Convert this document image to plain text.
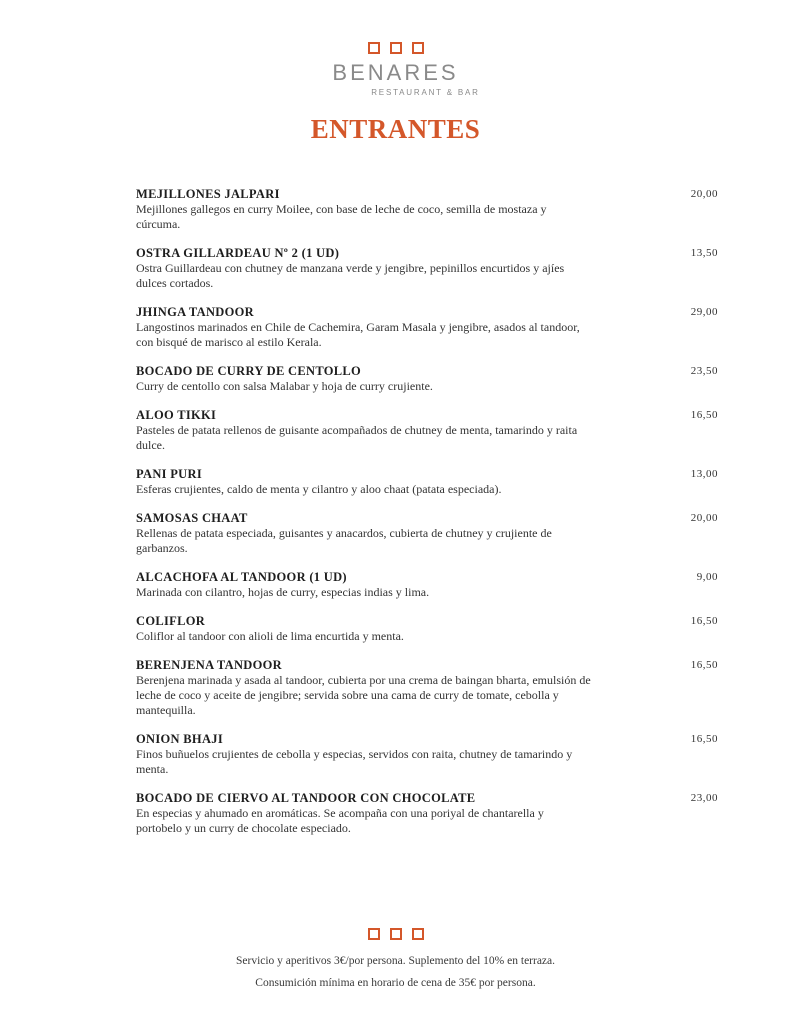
BENARES
RESTAURANT & BAR
ENTRANTES
MEJILLONES JALPARI
Mejillones gallegos en curry Moilee, con base de leche de coco, semilla de mostaza y cúrcuma.
20,00
OSTRA GILLARDEAU Nº 2 (1 UD)
Ostra Guillardeau con chutney de manzana verde y jengibre, pepinillos encurtidos y ajíes dulces cortados.
13,50
JHINGA TANDOOR
Langostinos marinados en Chile de Cachemira, Garam Masala y jengibre, asados al tandoor, con bisqué de marisco al estilo Kerala.
29,00
BOCADO DE CURRY DE CENTOLLO
Curry de centollo con salsa Malabar y hoja de curry crujiente.
23,50
ALOO TIKKI
Pasteles de patata rellenos de guisante acompañados de chutney de menta, tamarindo y raita dulce.
16,50
PANI PURI
Esferas crujientes, caldo de menta y cilantro y aloo chaat (patata especiada).
13,00
SAMOSAS CHAAT
Rellenas de patata especiada, guisantes y anacardos, cubierta de chutney y crujiente de garbanzos.
20,00
ALCACHOFA AL TANDOOR (1 UD)
Marinada con cilantro, hojas de curry, especias indias y lima.
9,00
COLIFLOR
Coliflor al tandoor con alioli de lima encurtida y menta.
16,50
BERENJENA TANDOOR
Berenjena marinada y asada al tandoor, cubierta por una crema de baingan bharta, emulsión de leche de coco y aceite de jengibre; servida sobre una cama de curry de tomate, cebolla y mantequilla.
16,50
ONION BHAJI
Finos buñuelos crujientes de cebolla y especias, servidos con raita, chutney de tamarindo y menta.
16,50
BOCADO DE CIERVO AL TANDOOR CON CHOCOLATE
En especias y ahumado en aromáticas. Se acompaña con una poriyal de chantarella y portobelo y un curry de chocolate especiado.
23,00
Servicio y aperitivos 3€/por persona. Suplemento del 10% en terraza.
Consumición mínima en horario de cena de 35€ por persona.
